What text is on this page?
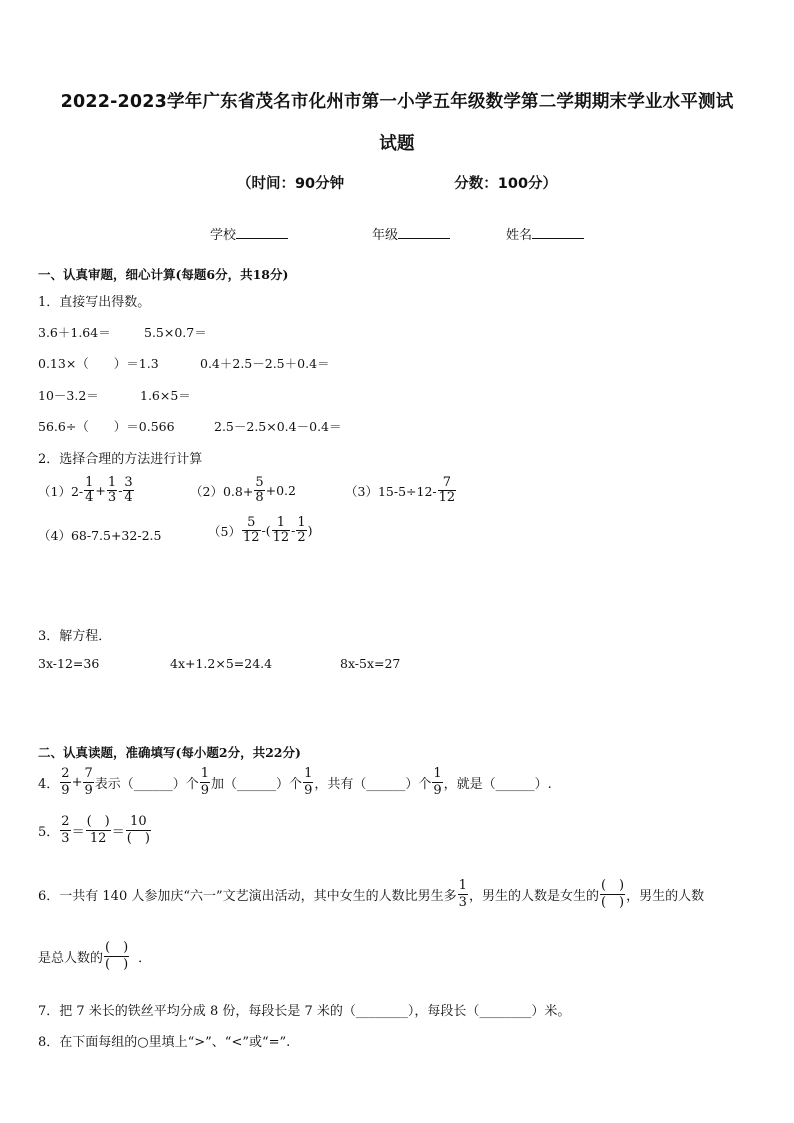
2022-2023学年广东省茂名市化州市第一小学五年级数学第二学期期末学业水平测试
试题
（时间：90分钟	分数：100分）
学校	年级	姓名
一、认真审题，细心计算(每题6分，共18分)
1．直接写出得数。
3.6＋1.64＝	5.5×0.7＝
0.13×（　　）＝1.3	0.4＋2.5－2.5＋0.4＝
10－3.2＝	1.6×5＝
56.6÷（　　）＝0.566	2.5－2.5×0.4－0.4＝
2．选择合理的方法进行计算
（1）2-
1
$4 + \frac{1}{3}$ -
3
4	$(2)0.8+ \frac{5}{8} +0.2$	（3）15-5÷12-
7
12
（4）68-7.5+32-2.5	（5）
5
12 -(
1
12 -
1
2 )
3．解方程．
3x-12=36	4x+1.2×5=24.4	8x-5x=27
二、认真读题，准确填写(每小题2分，共22分)
4．
2
9
+ $\frac{7}{9}$ 表示（______）个
1
9 加（______）个
1
9 ，共有（______）个
1
9 ，就是（______）.
5．
2
3 ＝
(　)
12 ＝
10
(　)
6．一共有 140 人参加庆“六一”文艺演出活动，其中女生的人数比男生多
1
3 ，男生的人数是女生的
(　)
(　) ，男生的人数
是总人数的
(　)
(　) ．
7．把 7 米长的铁丝平均分成 8 份，每段长是 7 米的（________），每段长（________）米。
8．在下面每组的○里填上“>”、“<”或“=”.
